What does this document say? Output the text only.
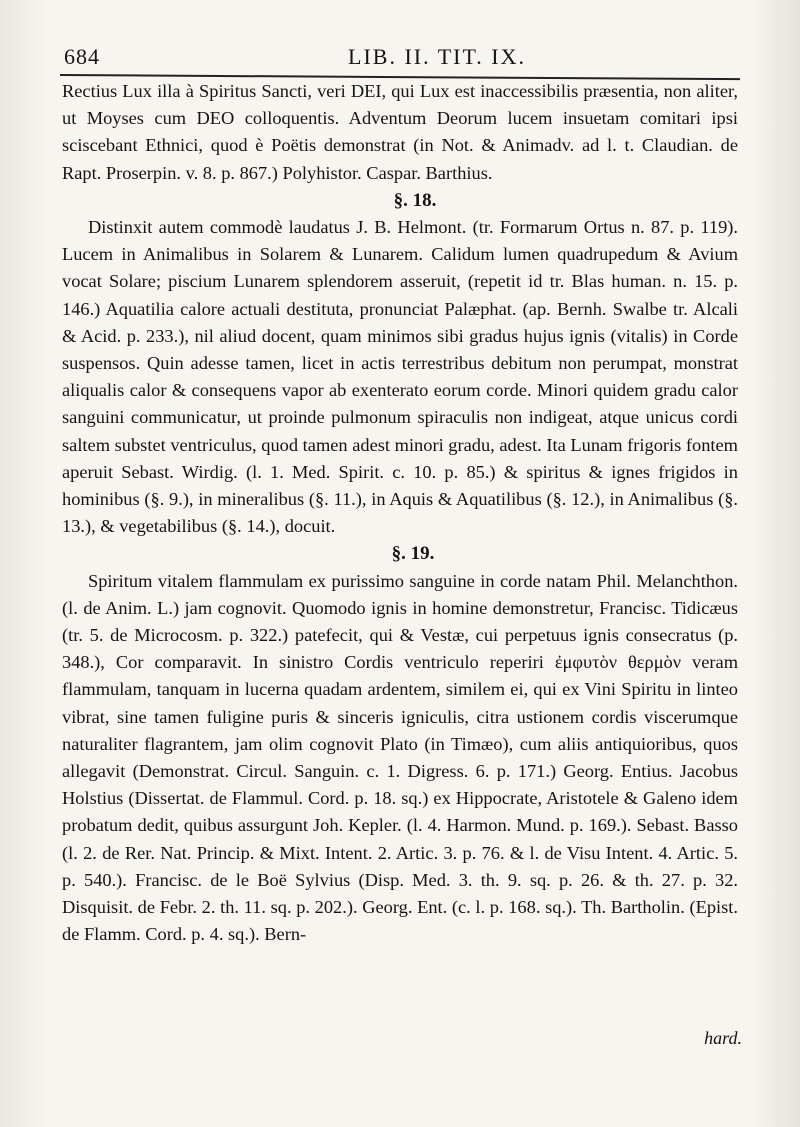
684	LIB. II. TIT. IX.

Rectius Lux illa à Spiritus Sancti, veri DEI, qui Lux est inaccessibilis præsentia, non aliter, ut Moyses cum DEO colloquentis. Adventum Deorum lucem insuetam comitari ipsi sciscebant Ethnici, quod è Poëtis demonstrat (in Not. & Animadv. ad l. t. Claudian. de Rapt. Proserpin. v. 8. p. 867.) Polyhistor. Caspar. Barthius.

§. 18.

Distinxit autem commodè laudatus J. B. Helmont. (tr. Formarum Ortus n. 87. p. 119). Lucem in Animalibus in Solarem & Lunarem. Calidum lumen quadrupedum & Avium vocat Solare; piscium Lunarem splendorem asseruit, (repetit id tr. Blas human. n. 15. p. 146.) Aquatilia calore actuali destituta, pronunciat Palæphat. (ap. Bernh. Swalbe tr. Alcali & Acid. p. 233.), nil aliud docent, quam minimos sibi gradus hujus ignis (vitalis) in Corde suspensos. Quin adesse tamen, licet in actis terrestribus debitum non perumpat, monstrat aliqualis calor & consequens vapor ab exenterato eorum corde. Minori quidem gradu calor sanguini communicatur, ut proinde pulmonum spiraculis non indigeat, atque unicus cordi saltem substet ventriculus, quod tamen adest minori gradu, adest. Ita Lunam frigoris fontem aperuit Sebast. Wirdig. (l. 1. Med. Spirit. c. 10. p. 85.) & spiritus & ignes frigidos in hominibus (§. 9.), in mineralibus (§. 11.), in Aquis & Aquatilibus (§. 12.), in Animalibus (§. 13.), & vegetabilibus (§. 14.), docuit.

§. 19.

Spiritum vitalem flammulam ex purissimo sanguine in corde natam Phil. Melanchthon. (l. de Anim. L.) jam cognovit. Quomodo ignis in homine demonstretur, Francisc. Tidicæus (tr. 5. de Microcosm. p. 322.) patefecit, qui & Vestæ, cui perpetuus ignis consecratus (p. 348.), Cor comparavit. In sinistro Cordis ventriculo reperiri ἐμφυτὸν θερμὸν veram flammulam, tanquam in lucerna quadam ardentem, similem ei, qui ex Vini Spiritu in linteo vibrat, sine tamen fuligine puris & sinceris igniculis, citra ustionem cordis viscerumque naturaliter flagrantem, jam olim cognovit Plato (in Timæo), cum aliis antiquioribus, quos allegavit (Demonstrat. Circul. Sanguin. c. 1. Digress. 6. p. 171.) Georg. Entius. Jacobus Holstius (Dissertat. de Flammul. Cord. p. 18. sq.) ex Hippocrate, Aristotele & Galeno idem probatum dedit, quibus assurgunt Joh. Kepler. (l. 4. Harmon. Mund. p. 169.). Sebast. Basso (l. 2. de Rer. Nat. Princip. & Mixt. Intent. 2. Artic. 3. p. 76. & l. de Visu Intent. 4. Artic. 5. p. 540.). Francisc. de le Boë Sylvius (Disp. Med. 3. th. 9. sq. p. 26. & th. 27. p. 32. Disquisit. de Febr. 2. th. 11. sq. p. 202.). Georg. Ent. (c. l. p. 168. sq.). Th. Bartholin. (Epist. de Flamm. Cord. p. 4. sq.). Bern-

hard.
